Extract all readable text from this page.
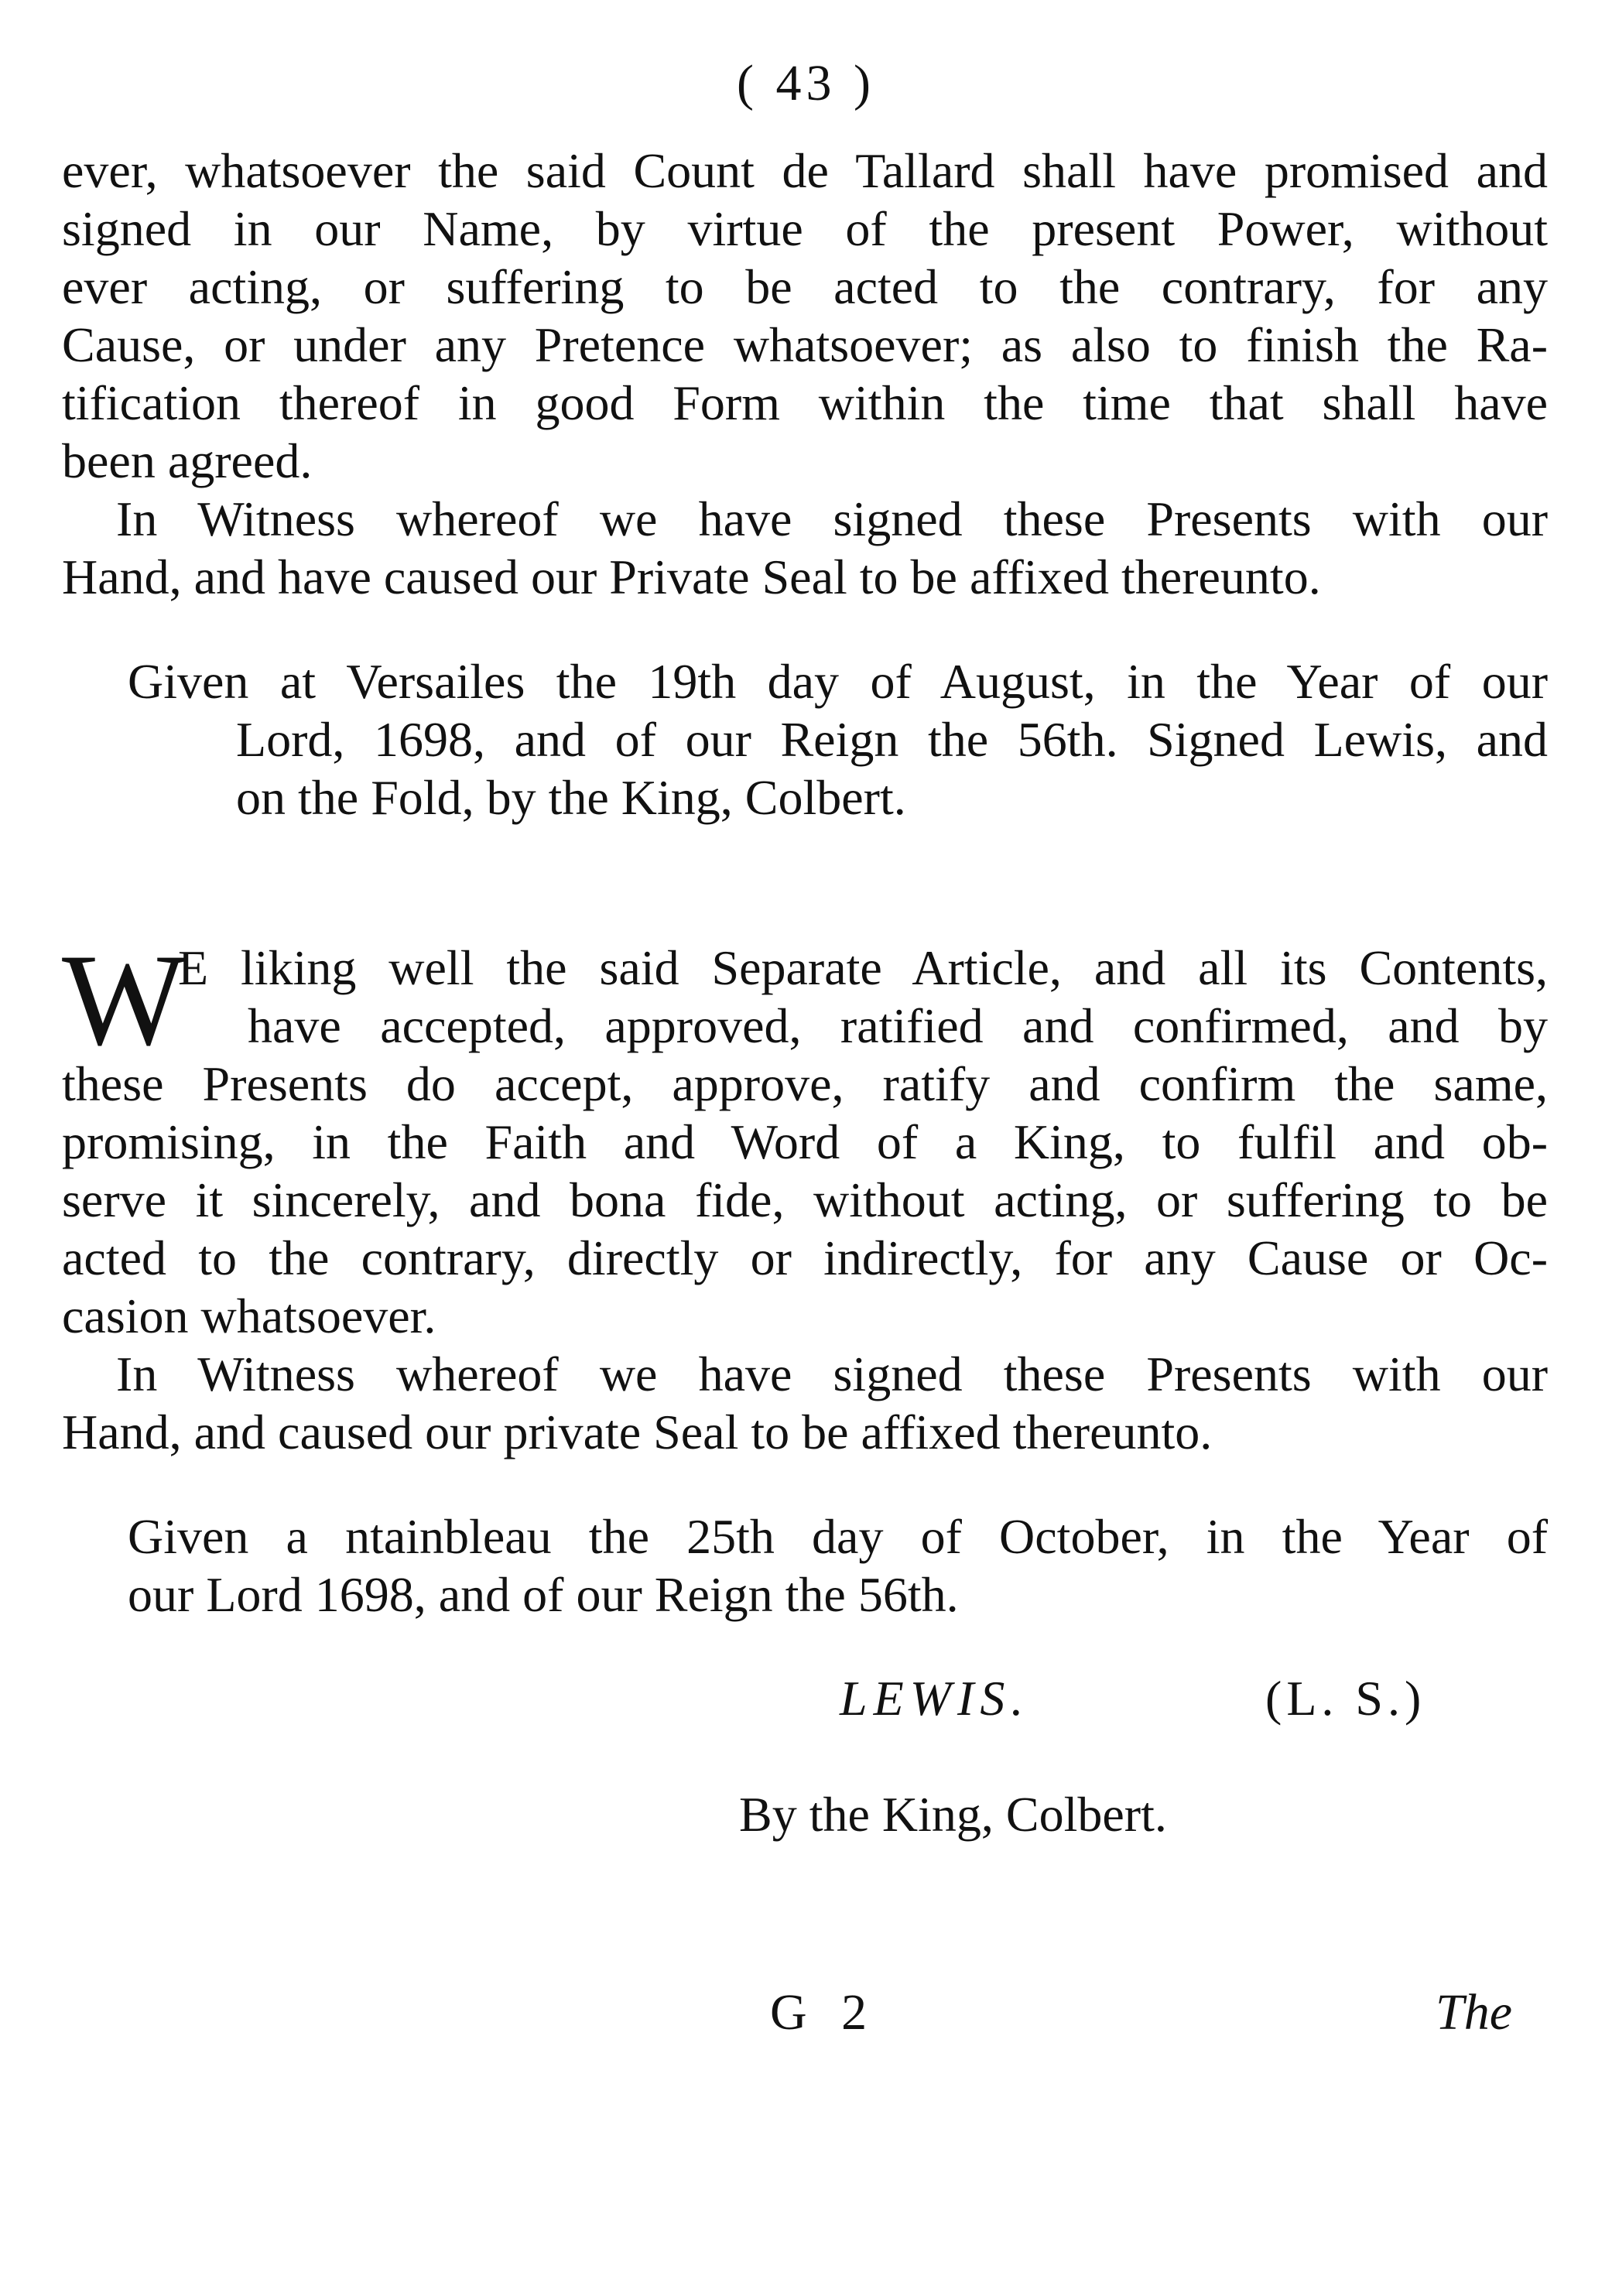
( 43 )
ever, whatsoever the said Count de Tallard shall have promised and
signed in our Name, by virtue of the present Power, without
ever acting, or suffering to be acted to the contrary, for any
Cause, or under any Pretence whatsoever; as also to finish the Ra-
tification thereof in good Form within the time that shall have
been agreed.
In Witness whereof we have signed these Presents with our
Hand, and have caused our Private Seal to be affixed thereunto.
Given at Versailes the 19th day of August, in the Year of our
Lord, 1698, and of our Reign the 56th. Signed Lewis, and
on the Fold, by the King, Colbert.
W
E liking well the said Separate Article, and all its Contents,
have accepted, approved, ratified and confirmed, and by
these Presents do accept, approve, ratify and confirm the same,
promising, in the Faith and Word of a King, to fulfil and ob-
serve it sincerely, and bona fide, without acting, or suffering to be
acted to the contrary, directly or indirectly, for any Cause or Oc-
casion whatsoever.
In Witness whereof we have signed these Presents with our
Hand, and caused our private Seal to be affixed thereunto.
Given a ntainbleau the 25th day of October, in the Year of
our Lord 1698, and of our Reign the 56th.
LEWIS.	(L. S.)
By the King, Colbert.
G 2	The
